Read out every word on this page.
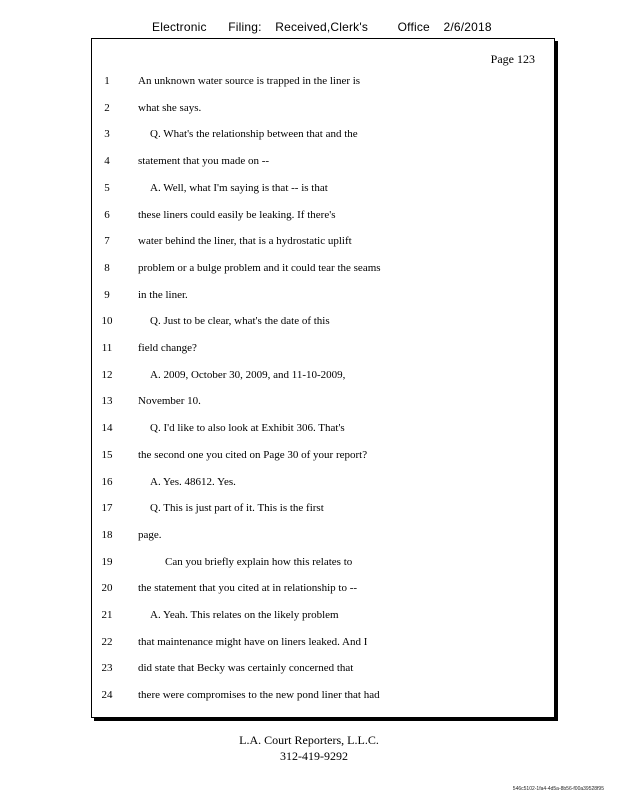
Electronic Filing: Received,Clerk's Office 2/6/2018
Page 123
1	An unknown water source is trapped in the liner is
2	what she says.
3	Q. What's the relationship between that and the
4	statement that you made on --
5	A. Well, what I'm saying is that -- is that
6	these liners could easily be leaking. If there's
7	water behind the liner, that is a hydrostatic uplift
8	problem or a bulge problem and it could tear the seams
9	in the liner.
10	Q. Just to be clear, what's the date of this
11	field change?
12	A. 2009, October 30, 2009, and 11-10-2009,
13	November 10.
14	Q. I'd like to also look at Exhibit 306. That's
15	the second one you cited on Page 30 of your report?
16	A. Yes. 48612. Yes.
17	Q. This is just part of it. This is the first
18	page.
19	Can you briefly explain how this relates to
20	the statement that you cited at in relationship to --
21	A. Yeah. This relates on the likely problem
22	that maintenance might have on liners leaked. And I
23	did state that Becky was certainly concerned that
24	there were compromises to the new pond liner that had
L.A. Court Reporters, L.L.C.
312-419-9292
546c5102-1fa4-4d5a-8b56-f00a39528f95
